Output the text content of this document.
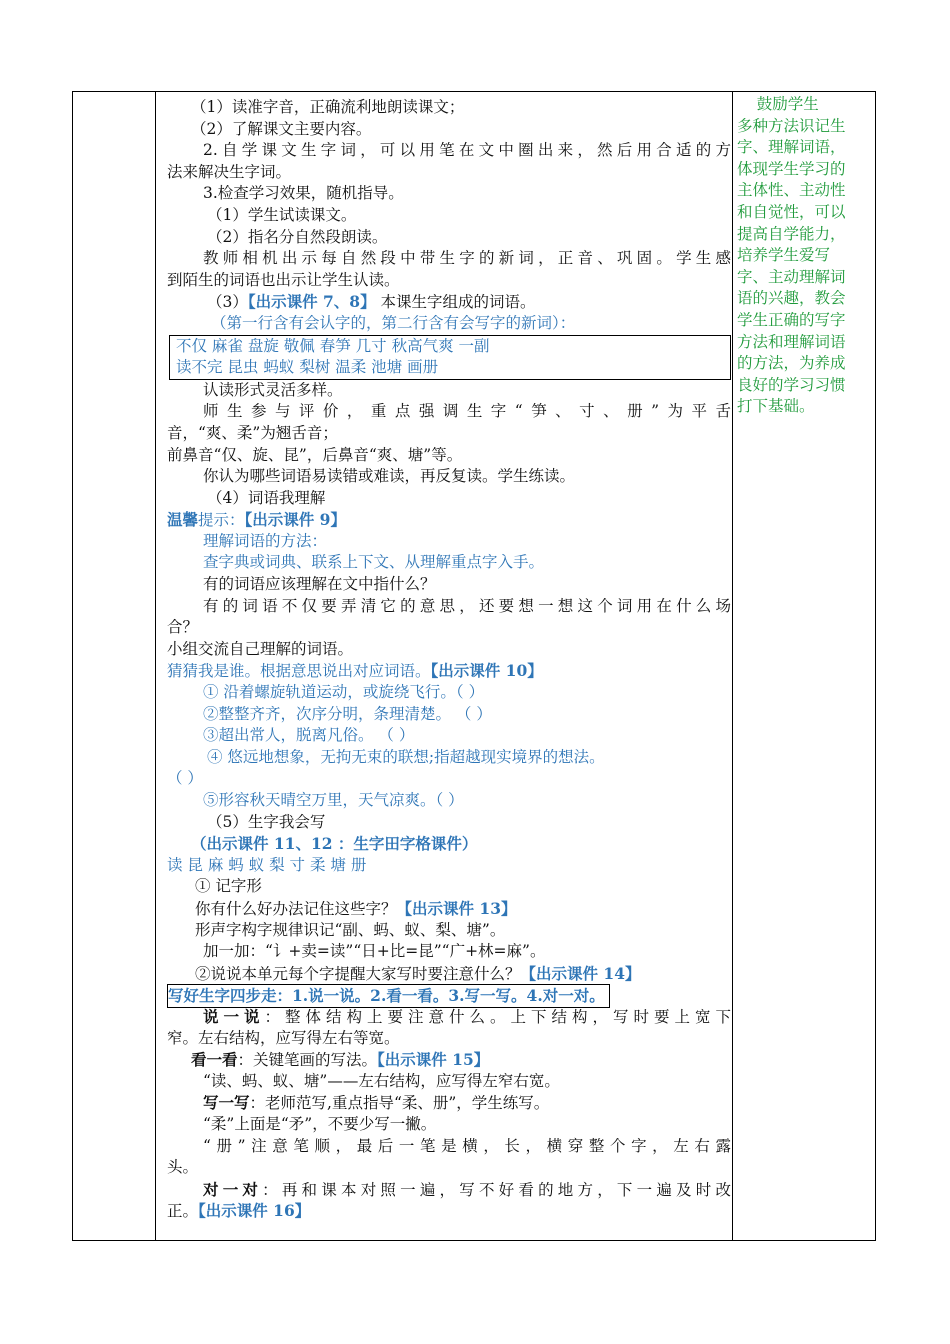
（1）读准字音，正确流利地朗读课文；
（2）了解课文主要内容。
2.自学课文生字词，可以用笔在文中圈出来，然后用合适的方
法来解决生字词。
3.检查学习效果，随机指导。
（1）学生试读课文。
（2）指名分自然段朗读。
教师相机出示每自然段中带生字的新词，正音、巩固。学生感
到陌生的词语也出示让学生认读。
（3）【出示课件 7、8】 本课生字组成的词语。
（第一行含有会认字的，第二行含有会写字的新词）：
不仅 麻雀 盘旋 敬佩 春笋 几寸 秋高气爽 一副
读不完 昆虫 蚂蚁 梨树 温柔 池塘 画册
认读形式灵活多样。
师生参与评价，重点强调生字“笋、寸、册”为平舌
音，“爽、柔”为翘舌音；
前鼻音“仅、旋、昆”，后鼻音“爽、塘”等。
你认为哪些词语易读错或难读，再反复读。学生练读。
（4）词语我理解
温馨提示：【出示课件 9】
理解词语的方法：
查字典或词典、联系上下文、从理解重点字入手。
有的词语应该理解在文中指什么？
有的词语不仅要弄清它的意思，还要想一想这个词用在什么场
合？
小组交流自己理解的词语。
猜猜我是谁。根据意思说出对应词语。【出示课件 10】
① 沿着螺旋轨道运动，或旋绕飞行。（ ）
②整整齐齐，次序分明，条理清楚。 （ ）
③超出常人，脱离凡俗。 （ ）
④ 悠远地想象，无拘无束的联想;指超越现实境界的想法。
（ ）
⑤形容秋天晴空万里，天气凉爽。（ ）
（5）生字我会写
（出示课件 11、12 ：生字田字格课件）
读 昆 麻 蚂 蚁 梨 寸 柔 塘 册
① 记字形
你有什么好办法记住这些字？【出示课件 13】
形声字构字规律识记“副、蚂、蚁、梨、塘”。
加一加：“讠+卖=读”“日+比=昆”“广+林=麻”。
②说说本单元每个字提醒大家写时要注意什么？【出示课件 14】
写好生字四步走：1.说一说。2.看一看。3.写一写。4.对一对。
说一说：整体结构上要注意什么。上下结构，写时要上宽下
窄。左右结构，应写得左右等宽。
看一看：关键笔画的写法。【出示课件 15】
“读、蚂、蚁、塘”——左右结构，应写得左窄右宽。
写一写：老师范写,重点指导“柔、册”，学生练写。
“柔”上面是“矛”，不要少写一撇。
“册”注意笔顺，最后一笔是横，长，横穿整个字，左右露
头。
对一对：再和课本对照一遍，写不好看的地方，下一遍及时改
正。【出示课件 16】
鼓励学生
多种方法识记生
字、理解词语，
体现学生学习的
主体性、主动性
和自觉性，可以
提高自学能力，
培养学生爱写
字、主动理解词
语的兴趣，教会
学生正确的写字
方法和理解词语
的方法，为养成
良好的学习习惯
打下基础。
